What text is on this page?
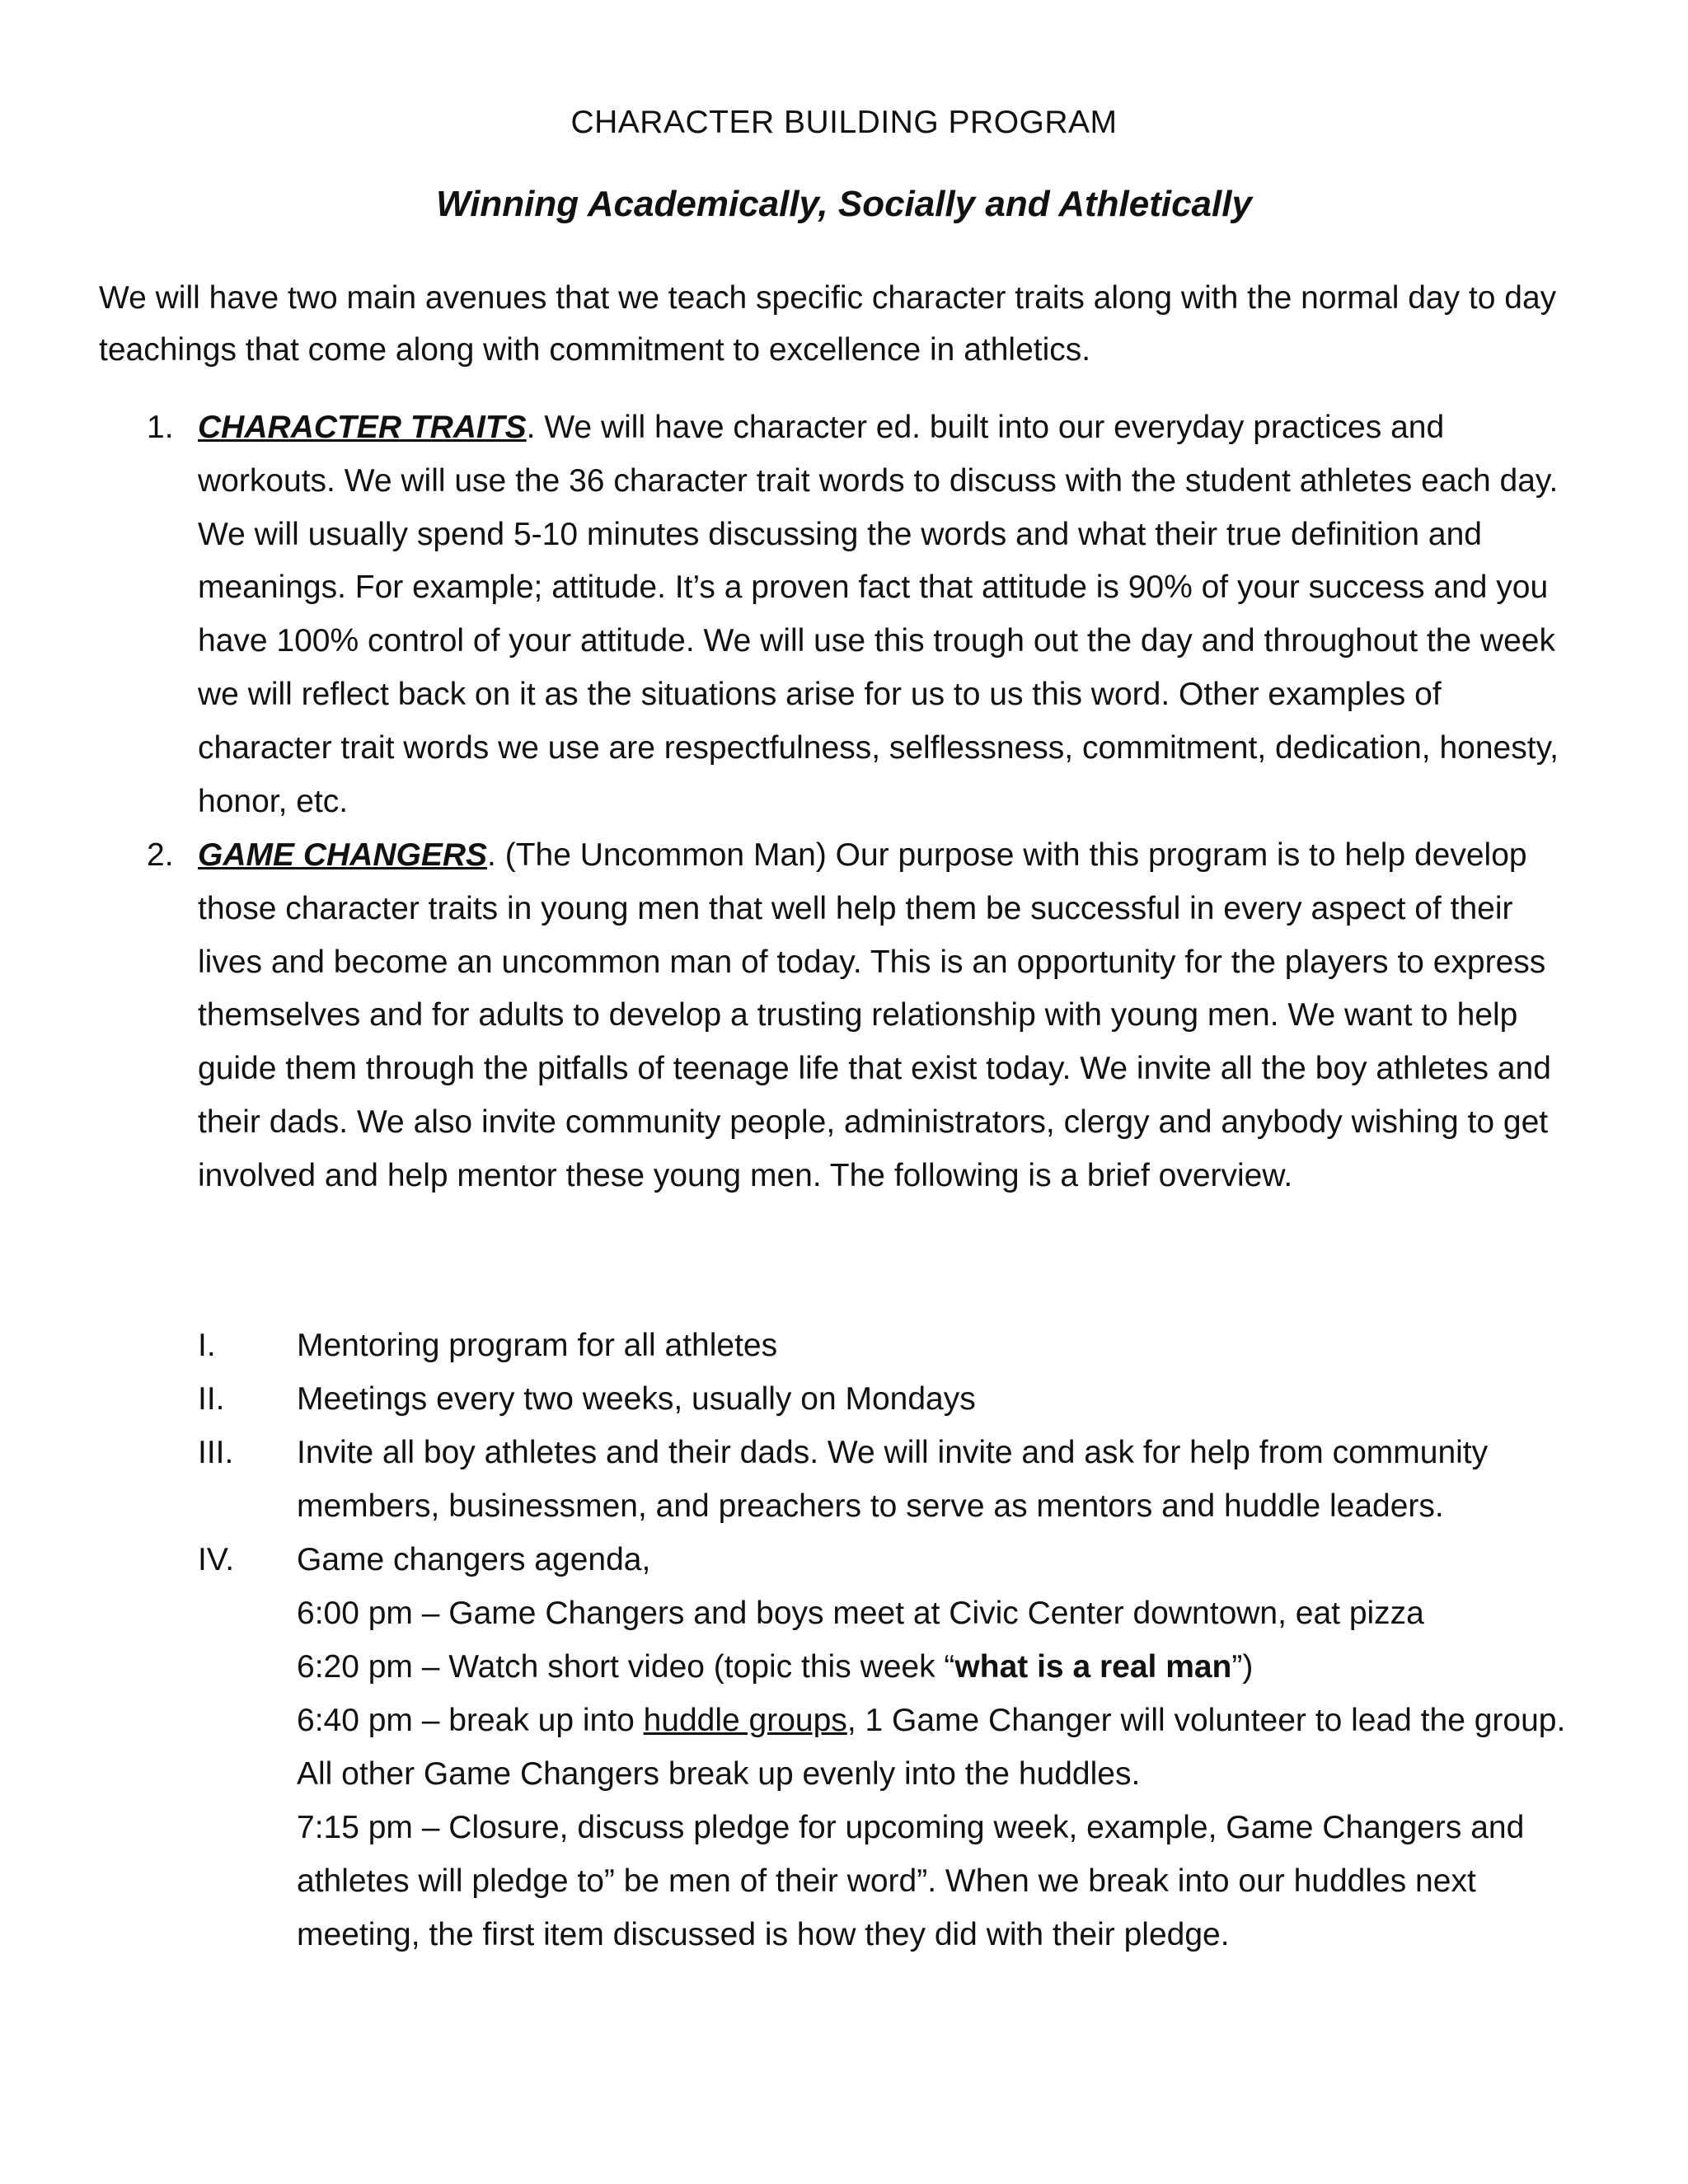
CHARACTER BUILDING PROGRAM
Winning Academically, Socially and Athletically
We will have two main avenues that we teach specific character traits along with the normal day to day teachings that come along with commitment to excellence in athletics.
1. CHARACTER TRAITS. We will have character ed. built into our everyday practices and workouts. We will use the 36 character trait words to discuss with the student athletes each day. We will usually spend 5-10 minutes discussing the words and what their true definition and meanings. For example; attitude. It’s a proven fact that attitude is 90% of your success and you have 100% control of your attitude. We will use this trough out the day and throughout the week we will reflect back on it as the situations arise for us to us this word. Other examples of character trait words we use are respectfulness, selflessness, commitment, dedication, honesty, honor, etc.
2. GAME CHANGERS. (The Uncommon Man) Our purpose with this program is to help develop those character traits in young men that well help them be successful in every aspect of their lives and become an uncommon man of today. This is an opportunity for the players to express themselves and for adults to develop a trusting relationship with young men. We want to help guide them through the pitfalls of teenage life that exist today. We invite all the boy athletes and their dads. We also invite community people, administrators, clergy and anybody wishing to get involved and help mentor these young men. The following is a brief overview.
I.	Mentoring program for all athletes
II. Meetings every two weeks, usually on Mondays
III. Invite all boy athletes and their dads. We will invite and ask for help from community members, businessmen, and preachers to serve as mentors and huddle leaders.
IV. Game changers agenda,
6:00 pm – Game Changers and boys meet at Civic Center downtown, eat pizza
6:20 pm – Watch short video (topic this week “what is a real man”)
6:40 pm – break up into huddle groups, 1 Game Changer will volunteer to lead the group. All other Game Changers break up evenly into the huddles.
7:15 pm – Closure, discuss pledge for upcoming week, example, Game Changers and athletes will pledge to” be men of their word”. When we break into our huddles next meeting, the first item discussed is how they did with their pledge.
